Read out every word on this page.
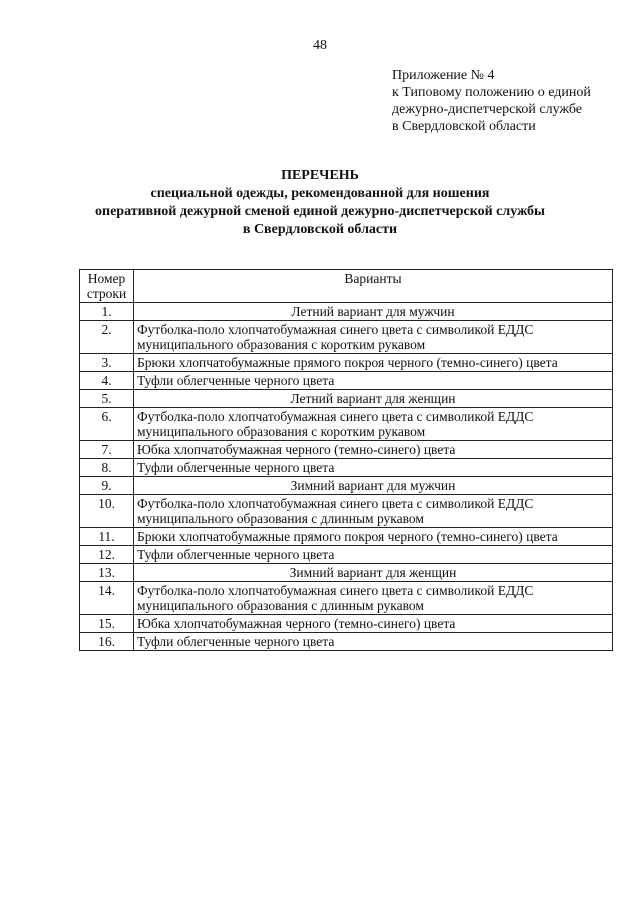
48
Приложение № 4
к Типовому положению о единой
дежурно-диспетчерской службе
в Свердловской области
ПЕРЕЧЕНЬ
специальной одежды, рекомендованной для ношения
оперативной дежурной сменой единой дежурно-диспетчерской службы
в Свердловской области
Номер
строки	Варианты
1.	Летний вариант для мужчин
2.	Футболка-поло хлопчатобумажная синего цвета с символикой ЕДДС муниципального образования с коротким рукавом
3.	Брюки хлопчатобумажные прямого покроя черного (темно-синего) цвета
4.	Туфли облегченные черного цвета
5.	Летний вариант для женщин
6.	Футболка-поло хлопчатобумажная синего цвета с символикой ЕДДС муниципального образования с коротким рукавом
7.	Юбка хлопчатобумажная черного (темно-синего) цвета
8.	Туфли облегченные черного цвета
9.	Зимний вариант для мужчин
10.	Футболка-поло хлопчатобумажная синего цвета с символикой ЕДДС муниципального образования с длинным рукавом
11.	Брюки хлопчатобумажные прямого покроя черного (темно-синего) цвета
12.	Туфли облегченные черного цвета
13.	Зимний вариант для женщин
14.	Футболка-поло хлопчатобумажная синего цвета с символикой ЕДДС муниципального образования с длинным рукавом
15.	Юбка хлопчатобумажная черного (темно-синего) цвета
16.	Туфли облегченные черного цвета
